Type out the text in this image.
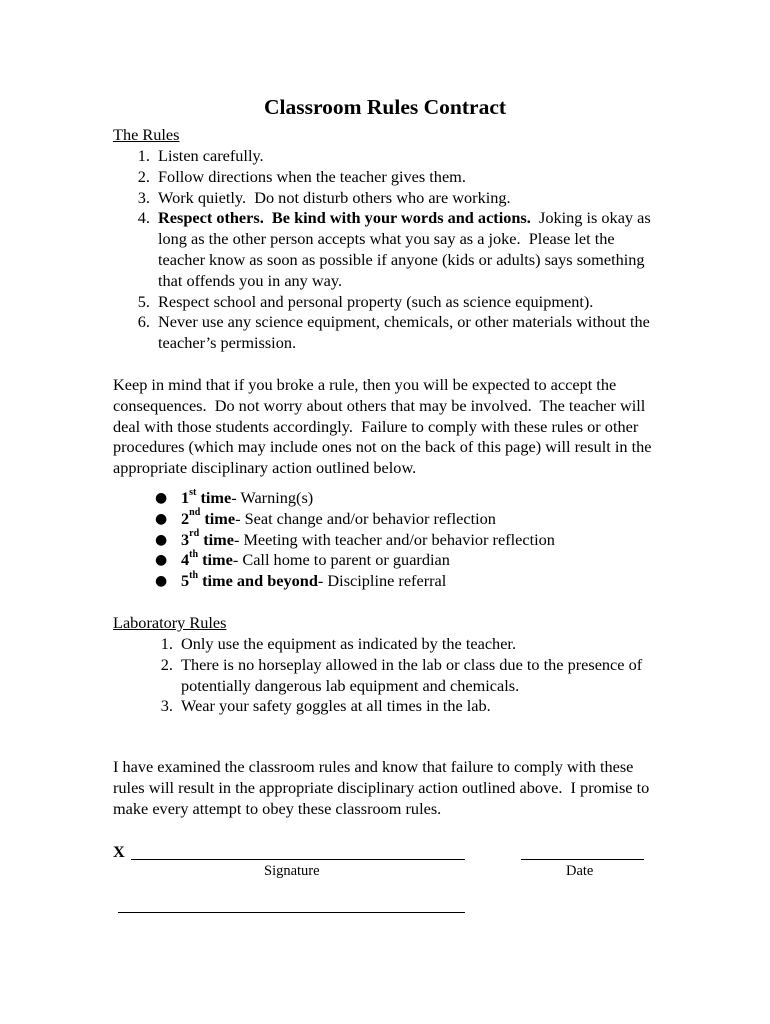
Classroom Rules Contract
The Rules
1. Listen carefully.
2. Follow directions when the teacher gives them.
3. Work quietly.  Do not disturb others who are working.
4. Respect others.  Be kind with your words and actions.  Joking is okay as long as the other person accepts what you say as a joke.  Please let the teacher know as soon as possible if anyone (kids or adults) says something that offends you in any way.
5. Respect school and personal property (such as science equipment).
6. Never use any science equipment, chemicals, or other materials without the teacher’s permission.
Keep in mind that if you broke a rule, then you will be expected to accept the consequences.  Do not worry about others that may be involved.  The teacher will deal with those students accordingly.  Failure to comply with these rules or other procedures (which may include ones not on the back of this page) will result in the appropriate disciplinary action outlined below.
● 1st time- Warning(s)
● 2nd time- Seat change and/or behavior reflection
● 3rd time- Meeting with teacher and/or behavior reflection
● 4th time- Call home to parent or guardian
● 5th time and beyond- Discipline referral
Laboratory Rules
1. Only use the equipment as indicated by the teacher.
2. There is no horseplay allowed in the lab or class due to the presence of potentially dangerous lab equipment and chemicals.
3. Wear your safety goggles at all times in the lab.
I have examined the classroom rules and know that failure to comply with these rules will result in the appropriate disciplinary action outlined above.  I promise to make every attempt to obey these classroom rules.
X
Signature	Date
